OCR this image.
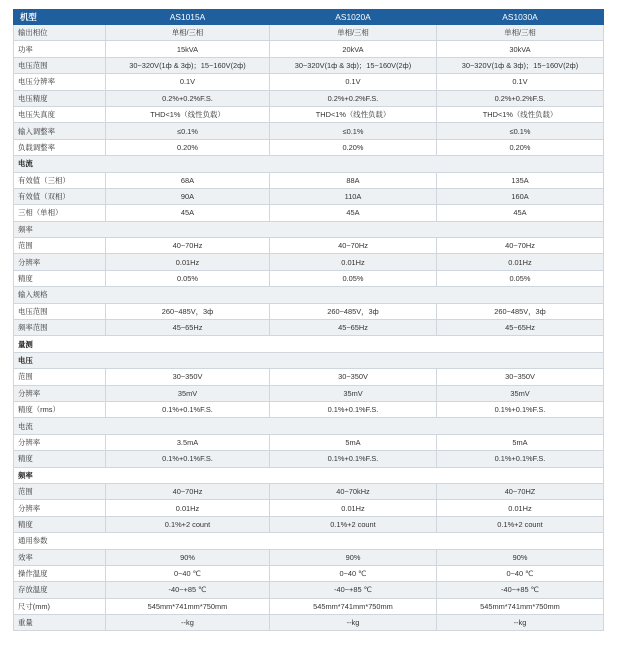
机型	AS1015A	AS1020A	AS1030A
输出相位	单相/三相	单相/三相	单相/三相
功率	15kVA	20kVA	30kVA
电压范围	30~320V(1ф & 3ф)；15~160V(2ф)	30~320V(1ф & 3ф)；15~160V(2ф)	30~320V(1ф & 3ф)；15~160V(2ф)
电压分辨率	0.1V	0.1V	0.1V
电压精度	0.2%+0.2%F.S.	0.2%+0.2%F.S.	0.2%+0.2%F.S.
电压失真度	THD<1%（线性负载）	THD<1%（线性负载）	THD<1%（线性负载）
输入调整率	≤0.1%	≤0.1%	≤0.1%
负载调整率	0.20%	0.20%	0.20%
电流			
有效值（三相）	68A	88A	135A
有效值（双相）	90A	110A	160A
三相（单相）	45A	45A	45A
频率			
范围	40~70Hz	40~70Hz	40~70Hz
分辨率	0.01Hz	0.01Hz	0.01Hz
精度	0.05%	0.05%	0.05%
输入规格			
电压范围	260~485V，3ф	260~485V，3ф	260~485V，3ф
频率范围	45~65Hz	45~65Hz	45~65Hz
量测			
电压			
范围	30~350V	30~350V	30~350V
分辨率	35mV	35mV	35mV
精度（rms）	0.1%+0.1%F.S.	0.1%+0.1%F.S.	0.1%+0.1%F.S.
电流			
分辨率	3.5mA	5mA	5mA
精度	0.1%+0.1%F.S.	0.1%+0.1%F.S.	0.1%+0.1%F.S.
频率			
范围	40~70Hz	40~70kHz	40~70HZ
分辨率	0.01Hz	0.01Hz	0.01Hz
精度	0.1%+2 count	0.1%+2 count	0.1%+2 count
通用参数			
效率	90%	90%	90%
操作温度	0~40 ℃	0~40 ℃	0~40 ℃
存放温度	-40~+85 ℃	-40~+85 ℃	-40~+85 ℃
尺寸(mm)	545mm*741mm*750mm	545mm*741mm*750mm	545mm*741mm*750mm
重量	--kg	--kg	--kg
